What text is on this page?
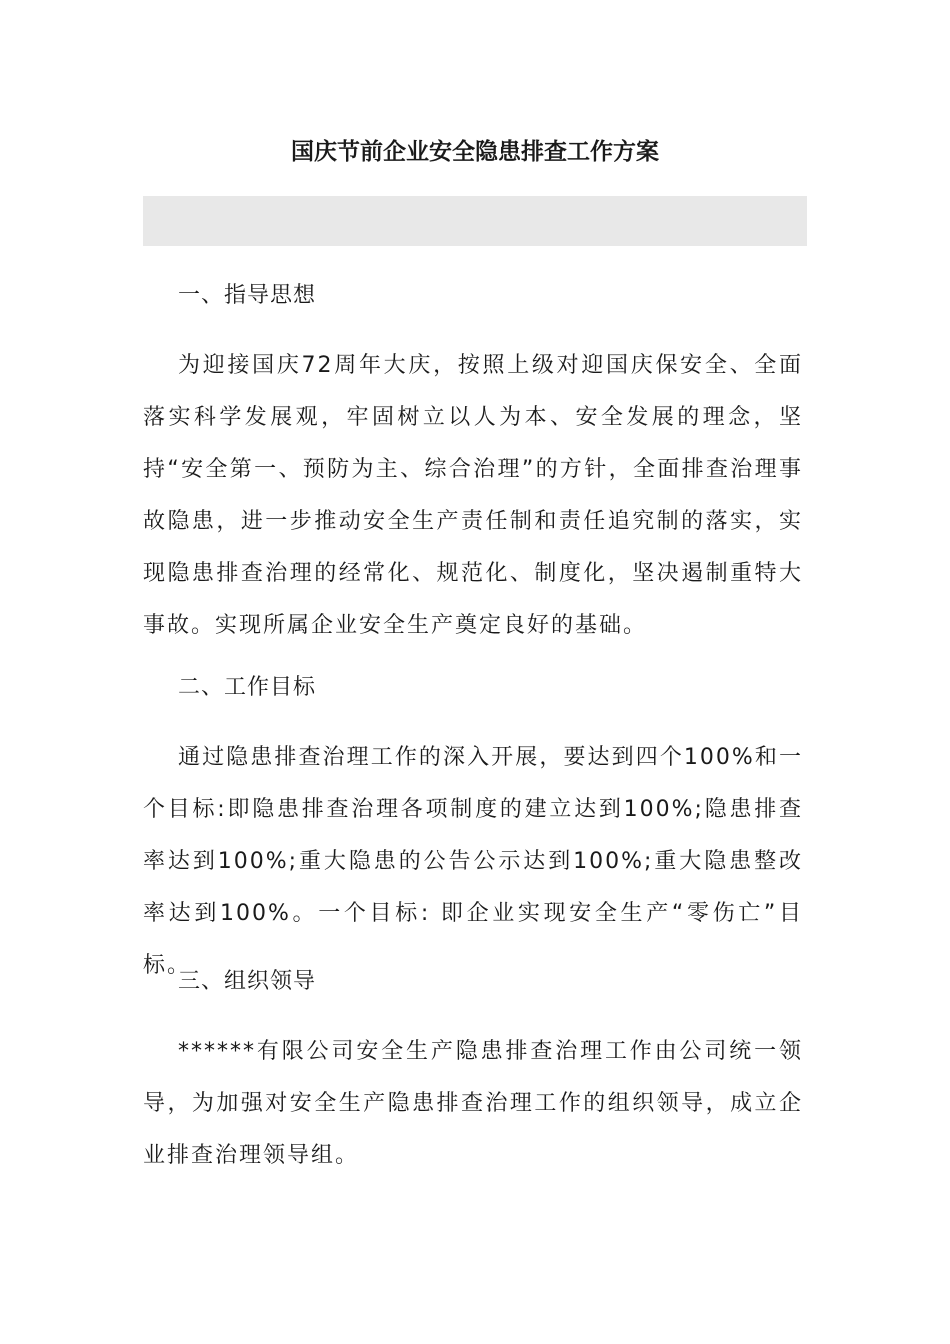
国庆节前企业安全隐患排查工作方案
一、指导思想
为迎接国庆72周年大庆，按照上级对迎国庆保安全、全面落实科学发展观，牢固树立以人为本、安全发展的理念，坚持“安全第一、预防为主、综合治理”的方针，全面排查治理事故隐患，进一步推动安全生产责任制和责任追究制的落实，实现隐患排查治理的经常化、规范化、制度化，坚决遏制重特大事故。实现所属企业安全生产奠定良好的基础。
二、工作目标
通过隐患排查治理工作的深入开展，要达到四个100%和一个目标:即隐患排查治理各项制度的建立达到100%;隐患排查率达到100%;重大隐患的公告公示达到100%;重大隐患整改率达到100%。一个目标: 即企业实现安全生产“零伤亡”目标。
三、组织领导
******有限公司安全生产隐患排查治理工作由公司统一领导，为加强对安全生产隐患排查治理工作的组织领导，成立企业排查治理领导组。
